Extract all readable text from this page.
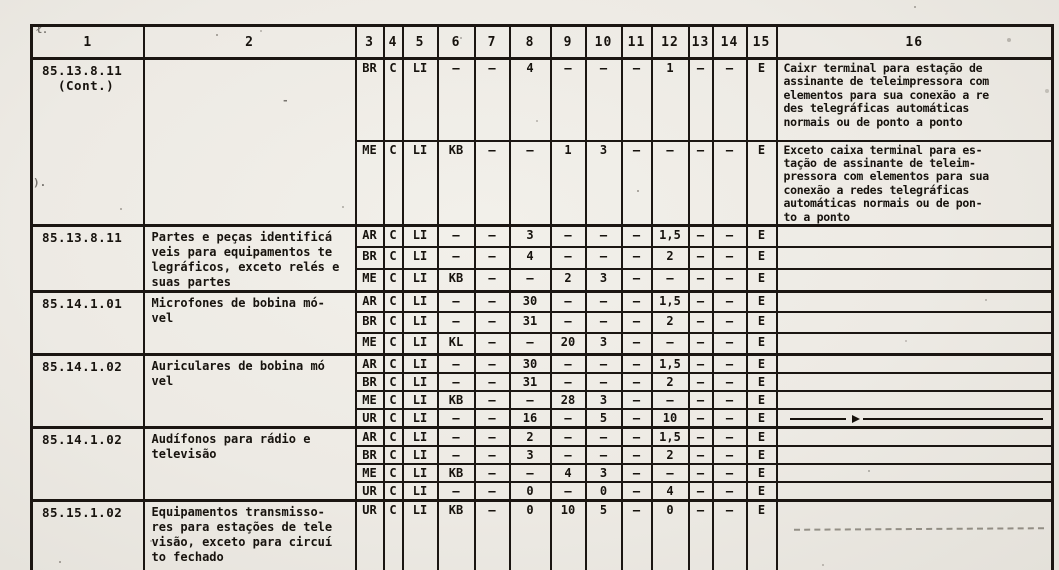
ł.
).
-
1	2	3	4	5	6	7	8	9	10	11	12	13	14	15	16

85.13.8.11
(Cont.)		BR	C	LI	–	–	4	–	–	–	1	–	–	E	Caixr terminal para estação de
assinante de teleimpressora com
elementos para sua conexão a re
des telegráficas automáticas
normais ou de ponto a ponto

ME	C	LI	KB	–	–	1	3	–	–	–	–	E	Exceto caixa terminal para es-
tação de assinante de teleim-
pressora com elementos para sua
conexão a redes telegráficas
automáticas normais ou de pon-
to a ponto

85.13.8.11	Partes e peças identificá
veis para equipamentos te
legráficos, exceto relés e
suas partes	AR	C	LI	–	–	3	–	–	–	1,5	–	–	E	
		BR	C	LI	–	–	4	–	–	–	2	–	–	E	
		ME	C	LI	KB	–	–	2	3	–	–	–	–	E	

85.14.1.01	Microfones de bobina mó-
vel	AR	C	LI	–	–	30	–	–	–	1,5	–	–	E	
		BR	C	LI	–	–	31	–	–	–	2	–	–	E	
		ME	C	LI	KL	–	–	20	3	–	–	–	–	E	

85.14.1.02	Auriculares de bobina mó
vel	AR	C	LI	–	–	30	–	–	–	1,5	–	–	E	
		BR	C	LI	–	–	31	–	–	–	2	–	–	E	
		ME	C	LI	KB	–	–	28	3	–	–	–	–	E	
		UR	C	LI	–	–	16	–	5	–	10	–	–	E	

85.14.1.02	Audífonos para rádio e
televisão	AR	C	LI	–	–	2	–	–	–	1,5	–	–	E	
		BR	C	LI	–	–	3	–	–	–	2	–	–	E	
		ME	C	LI	KB	–	–	4	3	–	–	–	–	E	
		UR	C	LI	–	–	0	–	0	–	4	–	–	E	

85.15.1.02	Equipamentos transmisso-
res para estações de tele
visão, exceto para circuí
to fechado	UR	C	LI	KB	–	0	10	5	–	0	–	–	E	
